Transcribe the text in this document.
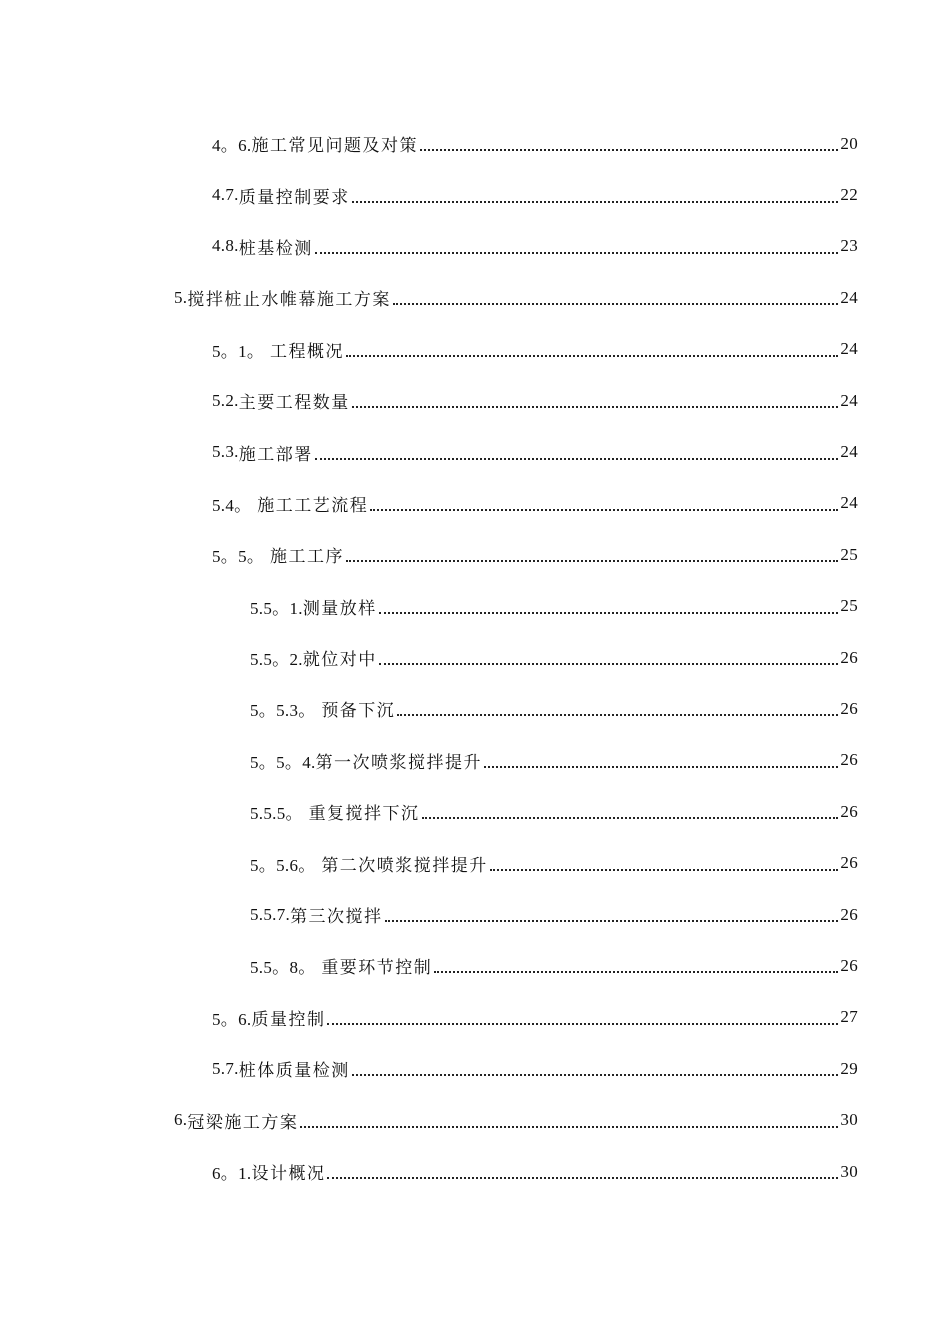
4。6. 施工常见问题及对策	20
4.7. 质量控制要求	22
4.8. 桩基检测	23
5. 搅拌桩止水帷幕施工方案	24
5。1。 工程概况	24
5.2. 主要工程数量	24
5.3. 施工部署	24
5.4。 施工工艺流程	24
5。5。 施工工序	25
5.5。1. 测量放样	25
5.5。2. 就位对中	26
5。5.3。 预备下沉	26
5。5。4. 第一次喷浆搅拌提升	26
5.5.5。 重复搅拌下沉	26
5。5.6。 第二次喷浆搅拌提升	26
5.5.7. 第三次搅拌	26
5.5。8。 重要环节控制	26
5。6. 质量控制	27
5.7. 桩体质量检测	29
6. 冠梁施工方案	30
6。1. 设计概况	30
